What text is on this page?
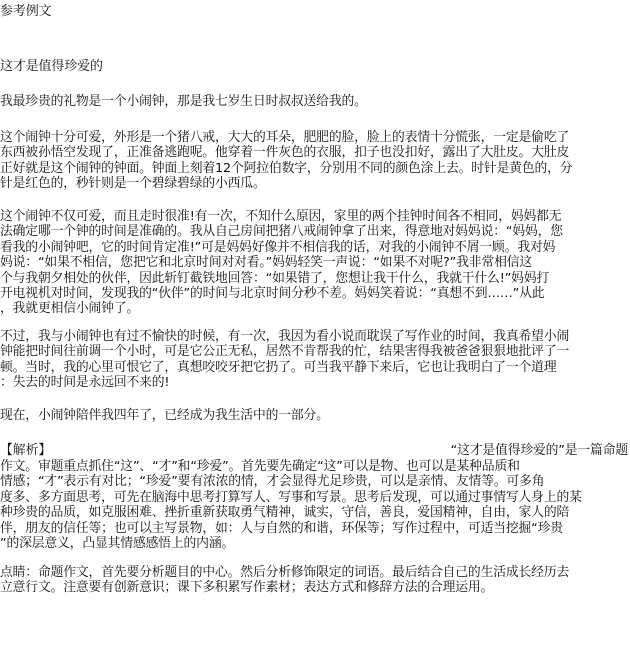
参考例文
这才是值得珍爱的
我最珍贵的礼物是一个小闹钟，那是我七岁生日时叔叔送给我的。
这个闹钟十分可爱，外形是一个猪八戒，大大的耳朵，肥肥的脸，脸上的表情十分慌张，一定是偷吃了
东西被孙悟空发现了，正准备逃跑呢。他穿着一件灰色的衣服，扣子也没扣好，露出了大肚皮。大肚皮
正好就是这个闹钟的钟面。钟面上刻着12个阿拉伯数字，分别用不同的颜色涂上去。时针是黄色的，分
针是红色的，秒针则是一个碧绿碧绿的小西瓜。
这个闹钟不仅可爱，而且走时很准!有一次，不知什么原因，家里的两个挂钟时间各不相同，妈妈都无
法确定哪一个钟的时间是准确的。我从自己房间把猪八戒闹钟拿了出来，得意地对妈妈说：“妈妈，您
看我的小闹钟吧，它的时间肯定准!”可是妈妈好像并不相信我的话，对我的小闹钟不屑一顾。我对妈
妈说：“如果不相信，您把它和北京时间对对看。”妈妈轻笑一声说：“如果不对呢?”我非常相信这
个与我朝夕相处的伙伴，因此斩钉截铁地回答：“如果错了，您想让我干什么，我就干什么!”妈妈打
开电视机对时间，发现我的“伙伴”的时间与北京时间分秒不差。妈妈笑着说：“真想不到……”从此
，我就更相信小闹钟了。
不过，我与小闹钟也有过不愉快的时候，有一次，我因为看小说而耽误了写作业的时间，我真希望小闹
钟能把时间往前调一个小时，可是它公正无私，居然不肯帮我的忙，结果害得我被爸爸狠狠地批评了一
顿。当时，我的心里可恨它了，真想咬咬牙把它扔了。可当我平静下来后，它也让我明白了一个道理
：失去的时间是永远回不来的!
现在，小闹钟陪伴我四年了，已经成为我生活中的一部分。
【解析】	“这才是值得珍爱的”是一篇命题
作文。审题重点抓住“这”、“才”和“珍爱”。首先要先确定“这”可以是物、也可以是某种品质和
情感；“才”表示有对比；“珍爱”要有浓浓的情，才会显得尤足珍贵，可以是亲情、友情等。可多角
度多、多方面思考，可先在脑海中思考打算写人、写事和写景。思考后发现，可以通过事情写人身上的某
种珍贵的品质，如克服困难、挫折重新获取勇气精神，诚实，守信，善良，爱国精神，自由，家人的陪
伴，朋友的信任等；也可以主写景物，如：人与自然的和谐，环保等；写作过程中，可适当挖掘“珍贵
”的深层意义，凸显其情感感悟上的内涵。
点睛：命题作文，首先要分析题目的中心。然后分析修饰限定的词语。最后结合自己的生活成长经历去
立意行文。注意要有创新意识；课下多积累写作素材；表达方式和修辞方法的合理运用。
